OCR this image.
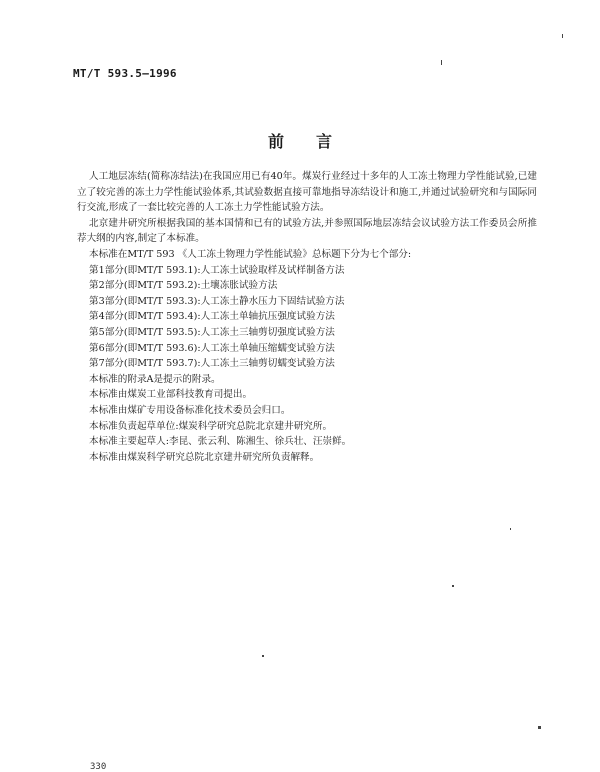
MT/T 593.5—1996
前言

人工地层冻结(简称冻结法)在我国应用已有40年。煤炭行业经过十多年的人工冻土物理力学性能试验,已建立了较完善的冻土力学性能试验体系,其试验数据直接可靠地指导冻结设计和施工,并通过试验研究和与国际同行交流,形成了一套比较完善的人工冻土力学性能试验方法。

北京建井研究所根据我国的基本国情和已有的试验方法,并参照国际地层冻结会议试验方法工作委员会所推荐大纲的内容,制定了本标准。

本标准在MT/T 593 《人工冻土物理力学性能试验》总标题下分为七个部分:

第1部分(即MT/T 593.1):人工冻土试验取样及试样制备方法

第2部分(即MT/T 593.2):土壤冻胀试验方法

第3部分(即MT/T 593.3):人工冻土静水压力下固结试验方法

第4部分(即MT/T 593.4):人工冻土单轴抗压强度试验方法

第5部分(即MT/T 593.5):人工冻土三轴剪切强度试验方法

第6部分(即MT/T 593.6):人工冻土单轴压缩蠕变试验方法

第7部分(即MT/T 593.7):人工冻土三轴剪切蠕变试验方法

本标准的附录A是提示的附录。

本标准由煤炭工业部科技教育司提出。

本标准由煤矿专用设备标准化技术委员会归口。

本标准负责起草单位:煤炭科学研究总院北京建井研究所。

本标准主要起草人:李昆、张云利、陈湘生、徐兵壮、汪崇鲜。

本标准由煤炭科学研究总院北京建井研究所负责解释。

330
